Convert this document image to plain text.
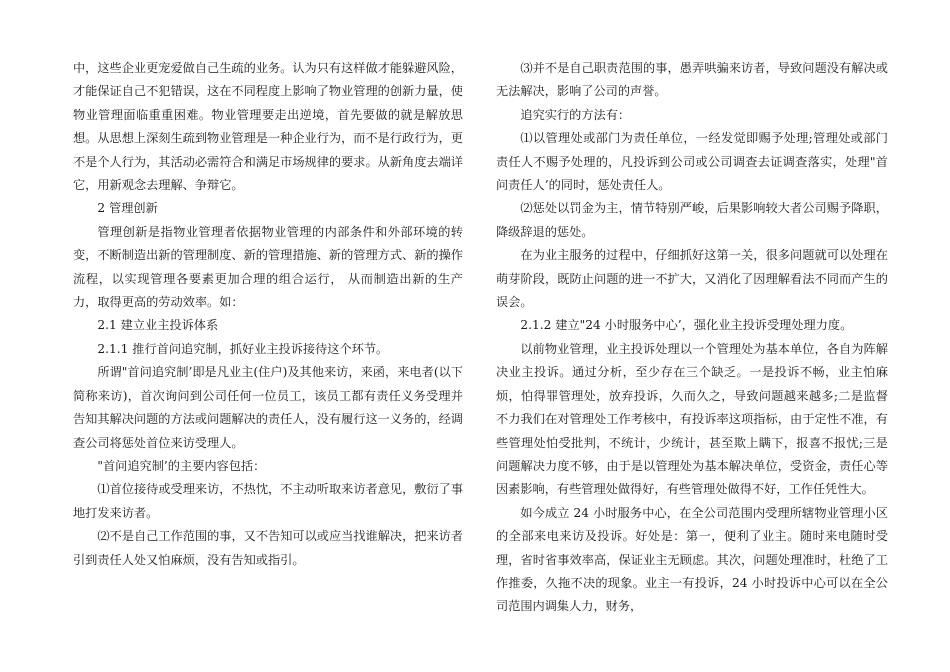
中，这些企业更宠爱做自己生疏的业务。认为只有这样做才能躲避风险，才能保证自己不犯错误，这在不同程度上影响了物业管理的创新力量，使物业管理面临重重困难。物业管理要走出逆境，首先要做的就是解放思想。从思想上深刻生疏到物业管理是一种企业行为，而不是行政行为，更不是个人行为，其活动必需符合和满足市场规律的要求。从新角度去端详它，用新观念去理解、争辩它。

2 管理创新

管理创新是指物业管理者依据物业管理的内部条件和外部环境的转变，不断制造出新的管理制度、新的管理措施、新的管理方式、新的操作流程，以实现管理各要素更加合理的组合运行， 从而制造出新的生产力，取得更高的劳动效率。如：

2.1 建立业主投诉体系

2.1.1 推行首问追究制，抓好业主投诉接待这个环节。

所谓"首问追究制’即是凡业主(住户)及其他来访，来函，来电者(以下简称来访)，首次询问到公司任何一位员工，该员工都有责任义务受理并告知其解决问题的方法或问题解决的责任人，没有履行这一义务的，经调查公司将惩处首位来访受理人。

"首问追究制’的主要内容包括：

⑴首位接待或受理来访，不热忱，不主动听取来访者意见，敷衍了事地打发来访者。

⑵不是自己工作范围的事，又不告知可以或应当找谁解决，把来访者引到责任人处又怕麻烦，没有告知或指引。

⑶并不是自己职责范围的事，愚弄哄骗来访者，导致问题没有解决或无法解决，影响了公司的声誉。

追究实行的方法有：

⑴以管理处或部门为责任单位，一经发觉即赐予处理;管理处或部门责任人不赐予处理的，凡投诉到公司或公司调查去证调查落实，处理"首问责任人’的同时，惩处责任人。

⑵惩处以罚金为主，情节特别严峻，后果影响较大者公司赐予降职，降级辞退的惩处。

在为业主服务的过程中，仔细抓好这第一关，很多问题就可以处理在萌芽阶段，既防止问题的进一不扩大，又消化了因理解看法不同而产生的误会。

2.1.2 建立"24 小时服务中心’，强化业主投诉受理处理力度。

以前物业管理，业主投诉处理以一个管理处为基本单位，各自为阵解决业主投诉。通过分析，至少存在三个缺乏。一是投诉不畅，业主怕麻烦，怕得罪管理处，放弃投诉，久而久之，导致问题越来越多;二是监督不力我们在对管理处工作考核中，有投诉率这项指标，由于定性不准，有些管理处怕受批判，不统计，少统计，甚至欺上瞒下，报喜不报忧;三是问题解决力度不够，由于是以管理处为基本解决单位，受资金，责任心等因素影响，有些管理处做得好，有些管理处做得不好，工作任凭性大。

如今成立 24 小时服务中心，在全公司范围内受理所辖物业管理小区的全部来电来访及投诉。好处是：第一，便利了业主。随时来电随时受理，省时省事效率高，保证业主无顾虑。其次，问题处理准时，杜绝了工作推委，久拖不决的现象。业主一有投诉，24 小时投诉中心可以在全公司范围内调集人力，财务，
